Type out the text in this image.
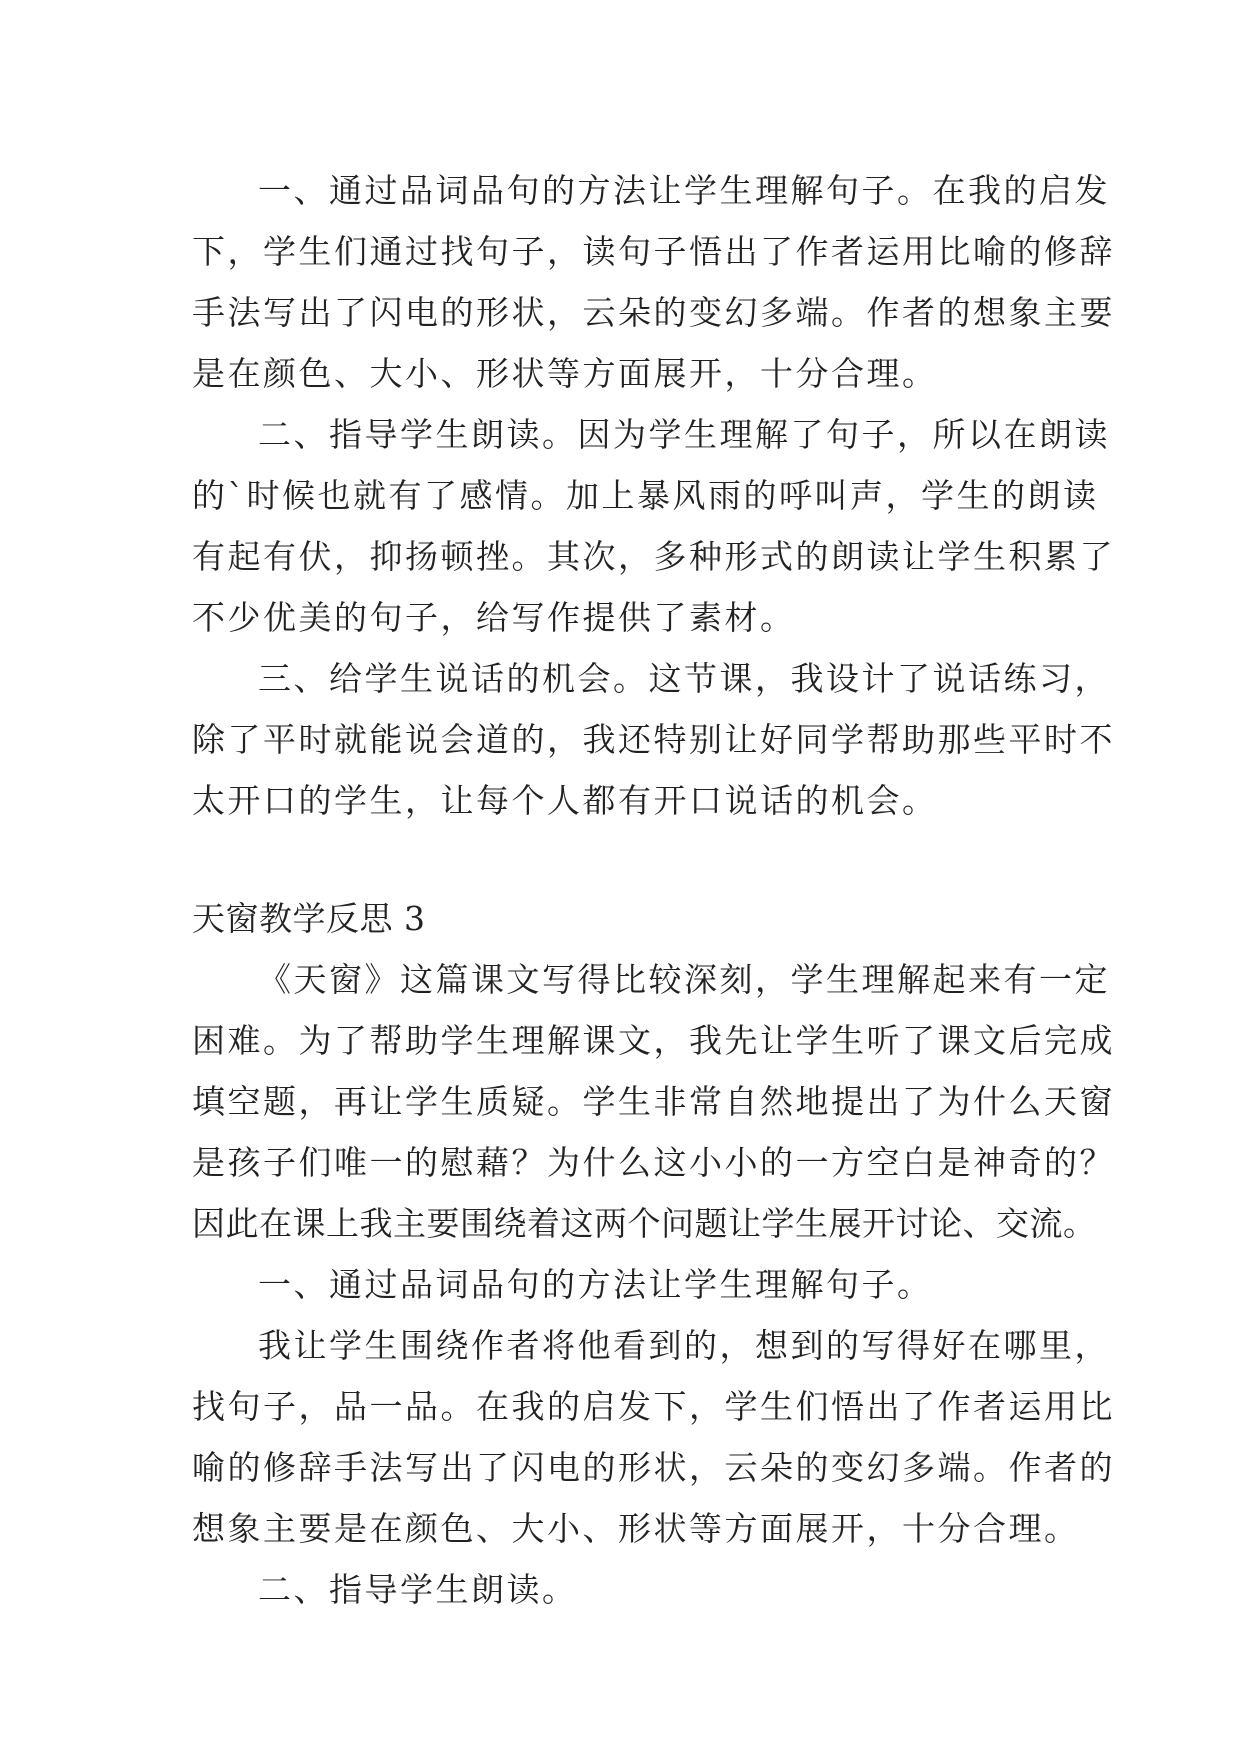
一、通过品词品句的方法让学生理解句子。在我的启发
下，学生们通过找句子，读句子悟出了作者运用比喻的修辞
手法写出了闪电的形状，云朵的变幻多端。作者的想象主要
是在颜色、大小、形状等方面展开，十分合理。
二、指导学生朗读。因为学生理解了句子，所以在朗读
的`时候也就有了感情。加上暴风雨的呼叫声，学生的朗读
有起有伏，抑扬顿挫。其次，多种形式的朗读让学生积累了
不少优美的句子，给写作提供了素材。
三、给学生说话的机会。这节课，我设计了说话练习，
除了平时就能说会道的，我还特别让好同学帮助那些平时不
太开口的学生，让每个人都有开口说话的机会。
天窗教学反思 3
《天窗》这篇课文写得比较深刻，学生理解起来有一定
困难。为了帮助学生理解课文，我先让学生听了课文后完成
填空题，再让学生质疑。学生非常自然地提出了为什么天窗
是孩子们唯一的慰藉？为什么这小小的一方空白是神奇的？
因此在课上我主要围绕着这两个问题让学生展开讨论、交流。
一、通过品词品句的方法让学生理解句子。
我让学生围绕作者将他看到的，想到的写得好在哪里，
找句子，品一品。在我的启发下，学生们悟出了作者运用比
喻的修辞手法写出了闪电的形状，云朵的变幻多端。作者的
想象主要是在颜色、大小、形状等方面展开，十分合理。
二、指导学生朗读。
